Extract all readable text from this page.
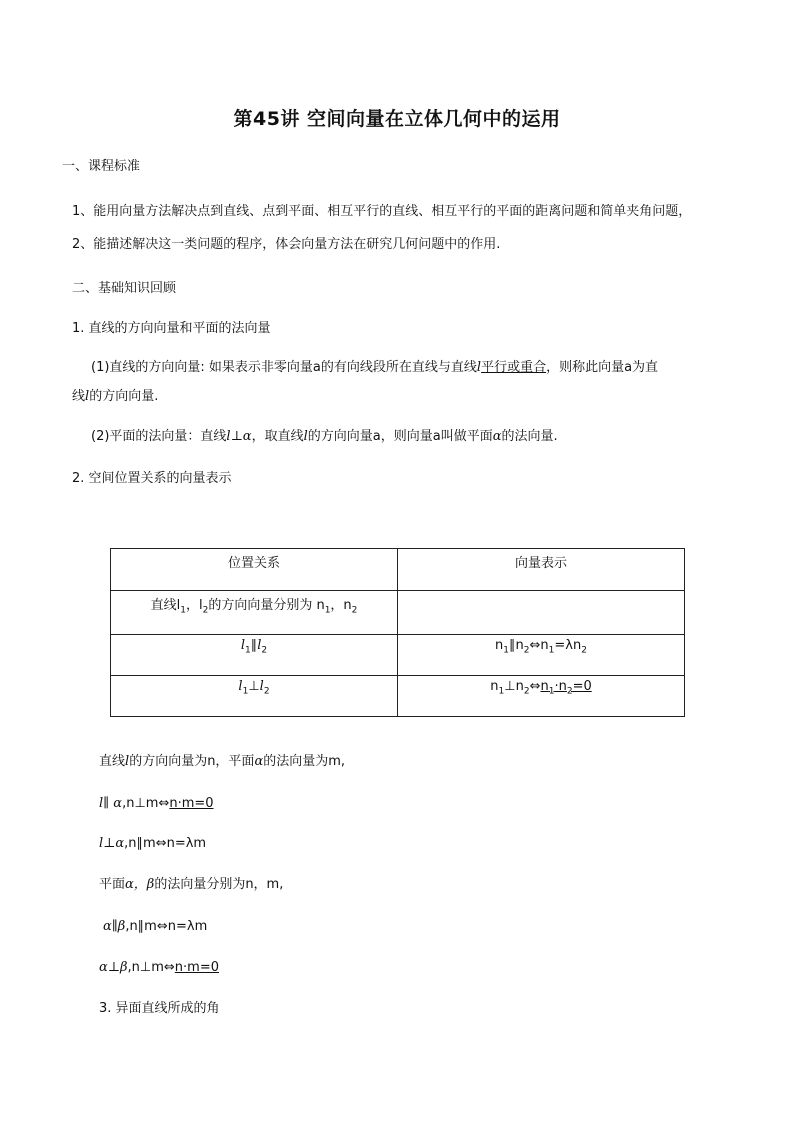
第45讲 空间向量在立体几何中的运用
一、课程标准
1、能用向量方法解决点到直线、点到平面、相互平行的直线、相互平行的平面的距离问题和简单夹角问题，
2、能描述解决这一类问题的程序，体会向量方法在研究几何问题中的作用.
二、基础知识回顾
1. 直线的方向向量和平面的法向量
(1)直线的方向向量: 如果表示非零向量a的有向线段所在直线与直线l平行或重合，则称此向量a为直
线l的方向向量.
(2)平面的法向量：直线l⊥α，取直线l的方向向量a，则向量a叫做平面α的法向量.
2. 空间位置关系的向量表示
位置关系	向量表示
直线$l_1$，$l_2$的方向向量分别为 $n_1$，$n_2$	
$l_1\parallel l_2$	$n_1\parallel n_2\Leftrightarrow n_1=\lambda n_2$
$l_1\perp l_2$	$n_1\perp n_2\Leftrightarrow n_1\cdot n_2=0$
直线l的方向向量为n，平面α的法向量为m,
l∥ α,n⊥m⇔n·m=0
l⊥α,n∥m⇔n=λm
平面α，β的法向量分别为n，m,
α∥β,n∥m⇔n=λm
α⊥β,n⊥m⇔n·m=0
3. 异面直线所成的角
